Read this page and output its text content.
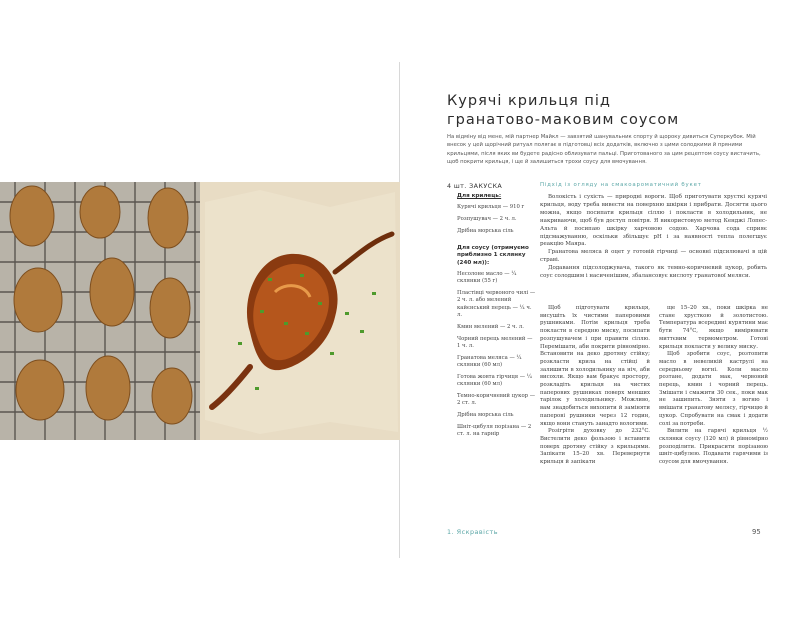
Курячі крильця під
гранатово-маковим соусом

На відміну від мене, мій партнер Майкл — завзятий шанувальник спорту й щороку дивиться Суперкубок. Мій внесок у цей щорічний ритуал полягає в підготовці всіх додатків, включно з цими солодкими й пряними крильцями, після яких ви будете радісно облизувати пальці. Приготованого за цим рецептом соусу вистачить, щоб покрити крильця, і ще й залишиться трохи соусу для вмочування.

4 шт. ЗАКУСКА

Для крилець:

Курячі крильця — 910 г

Розпушувач — 2 ч. л.

Дрібна морська сіль

Для соусу (отримуємо приблизно 1 склянку (240 мл)):

Несолоне масло — ¼ склянки (55 г)

Пластівці червоного чилі — 2 ч. л. або мелений кайєнський перець — ¼ ч. л.

Кмин мелений — 2 ч. л.

Чорний перець мелений — 1 ч. л.

Гранатова меляса — ¼ склянки (60 мл)

Готова жовта гірчиця — ¼ склянки (60 мл)

Темно-коричневий цукор — 2 ст. л.

Дрібна морська сіль

Шніт-цибуля порізана — 2 ст. л. на гарнір

Підхід із огляду на смакоароматичний букет

Волокість і сухість — природні вороги. Щоб приготувати хрусткі курячі крильця, воду треба вивести на поверхню шкірки і прибрати. Досягти цього можна, якщо посипати крильця сіллю і покласти в холодильник, не накриваючи, щоб був доступ повітря. Я використовую метод Кенджі Лопес-Альта й посипаю шкірку харчовою содою. Харчова сода сприяє підсмажуванню, оскільки збільшує pH і за наявності тепла полегшує реакцію Маяра.

Гранатова меляса й оцет у готовій гірчиці — основні підсилювачі в цій страві.

Додавання підсолоджувача, такого як темно-коричневий цукор, робить соус солодшим і насиченішим, збалансовує кислоту гранатової меляси.

Щоб підготувати крильця, висушіть їх чистими паперовими рушниками. Потім крильця треба покласти в середню миску, посипати розпушувачем і при правити сіллю. Перемішати, аби покрити рівномірно. Встановити на деко дротяну стійку; розкласти крила на стійці й залишити в холодильнику на ніч, аби висохли. Якщо вам бракує простору, розкладіть крильця на чистих паперових рушниках поверх менших тарілок у холодильнику. Можливо, вам знадобиться вихопити й заміняти паперові рушники через 12 годин, якщо вони стануть занадто вологими.

Розігріти духовку до 232°C. Вистелити деко фользою і вставити поверх дротяну стійку з крильцями. Запікати 15–20 хв. Перевернути крильця й запікати

ще 15–20 хв., поки шкірка не стане хрусткою й золотистою. Температура всередині курятини має бути 74°C, якщо вимірювати миттєвим термометром. Готові крильця покласти у велику миску.

Щоб зробити соус, розтопити масло в невеликій каструлі на середньому вогні. Коли масло розтане, додати мак, червоний перець, кмин і чорний перець. Змішати і смажити 30 сек., поки мак не зашипить. Зняти з вогню і вмішати гранатову мелясу, гірчицю й цукор. Спробувати на смак і додати солі за потреби.

Вилити на гарячі крильця ½ склянки соусу (120 мл) й рівномірно розподілити. Прикрасити порізаною шніт-цибулею. Подавати гарячими із соусом для вмочування.

1. Яскравість	95
